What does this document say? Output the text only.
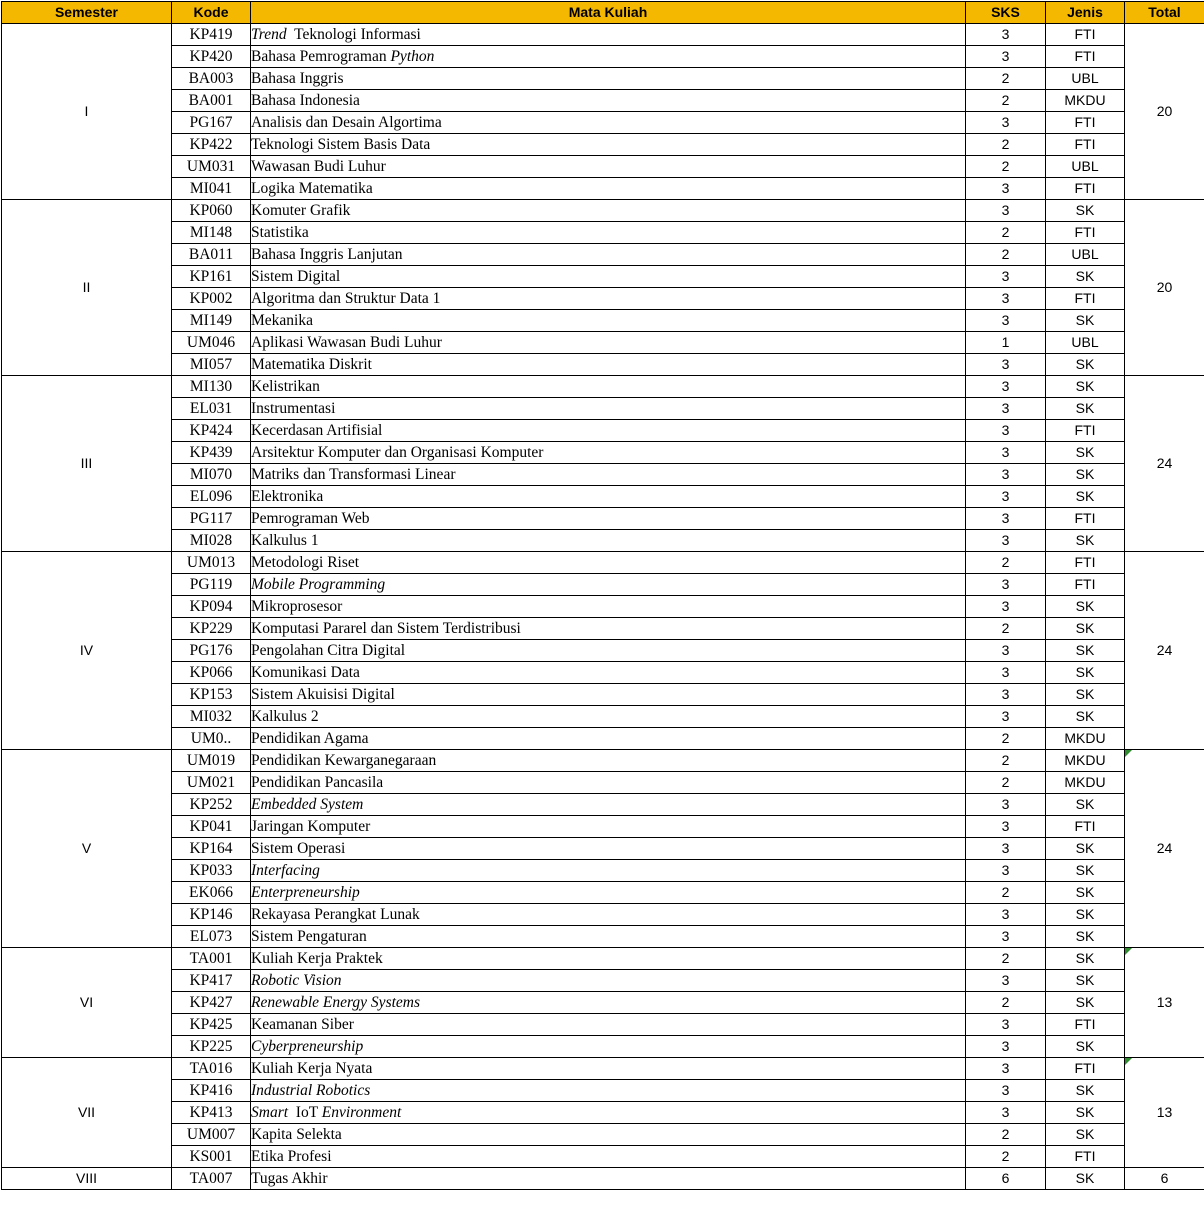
Semester	Kode	Mata Kuliah	SKS	Jenis	Total
I	KP419	Trend  Teknologi Informasi	3	FTI	20
	KP420	Bahasa Pemrograman Python	3	FTI	
	BA003	Bahasa Inggris	2	UBL	
	BA001	Bahasa Indonesia	2	MKDU	
	PG167	Analisis dan Desain Algortima	3	FTI	
	KP422	Teknologi Sistem Basis Data	2	FTI	
	UM031	Wawasan Budi Luhur	2	UBL	
	MI041	Logika Matematika	3	FTI	
II	KP060	Komuter Grafik	3	SK	20
	MI148	Statistika	2	FTI	
	BA011	Bahasa Inggris Lanjutan	2	UBL	
	KP161	Sistem Digital	3	SK	
	KP002	Algoritma dan Struktur Data 1	3	FTI	
	MI149	Mekanika	3	SK	
	UM046	Aplikasi Wawasan Budi Luhur	1	UBL	
	MI057	Matematika Diskrit	3	SK	
III	MI130	Kelistrikan	3	SK	24
	EL031	Instrumentasi	3	SK	
	KP424	Kecerdasan Artifisial	3	FTI	
	KP439	Arsitektur Komputer dan Organisasi Komputer	3	SK	
	MI070	Matriks dan Transformasi Linear	3	SK	
	EL096	Elektronika	3	SK	
	PG117	Pemrograman Web	3	FTI	
	MI028	Kalkulus 1	3	SK	
IV	UM013	Metodologi Riset	2	FTI	24
	PG119	Mobile Programming	3	FTI	
	KP094	Mikroprosesor	3	SK	
	KP229	Komputasi Pararel dan Sistem Terdistribusi	2	SK	
	PG176	Pengolahan Citra Digital	3	SK	
	KP066	Komunikasi Data	3	SK	
	KP153	Sistem Akuisisi Digital	3	SK	
	MI032	Kalkulus 2	3	SK	
	UM0..	Pendidikan Agama	2	MKDU	
V	UM019	Pendidikan Kewarganegaraan	2	MKDU	24
	UM021	Pendidikan Pancasila	2	MKDU	
	KP252	Embedded System	3	SK	
	KP041	Jaringan Komputer	3	FTI	
	KP164	Sistem Operasi	3	SK	
	KP033	Interfacing	3	SK	
	EK066	Enterpreneurship	2	SK	
	KP146	Rekayasa Perangkat Lunak	3	SK	
	EL073	Sistem Pengaturan	3	SK	
VI	TA001	Kuliah Kerja Praktek	2	SK	13
	KP417	Robotic Vision	3	SK	
	KP427	Renewable Energy Systems	2	SK	
	KP425	Keamanan Siber	3	FTI	
	KP225	Cyberpreneurship	3	SK	
VII	TA016	Kuliah Kerja Nyata	3	FTI	13
	KP416	Industrial Robotics	3	SK	
	KP413	Smart  IoT Environment	3	SK	
	UM007	Kapita Selekta	2	SK	
	KS001	Etika Profesi	2	FTI	
VIII	TA007	Tugas Akhir	6	SK	6
